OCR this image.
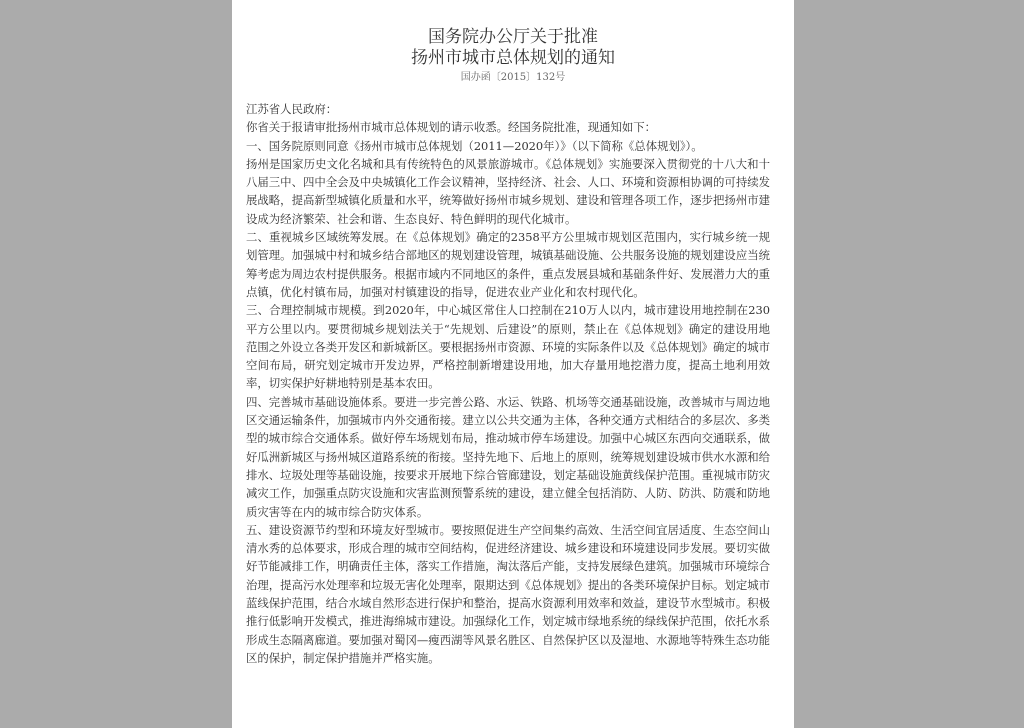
国务院办公厅关于批准

扬州市城市总体规划的通知

国办函〔2015〕132号

江苏省人民政府：

你省关于报请审批扬州市城市总体规划的请示收悉。经国务院批准，现通知如下：

一、国务院原则同意《扬州市城市总体规划（2011—2020年）》（以下简称《总体规划》）。

扬州是国家历史文化名城和具有传统特色的风景旅游城市。《总体规划》实施要深入贯彻党的十八大和十八届三中、四中全会及中央城镇化工作会议精神，坚持经济、社会、人口、环境和资源相协调的可持续发展战略，提高新型城镇化质量和水平，统筹做好扬州市城乡规划、建设和管理各项工作，逐步把扬州市建设成为经济繁荣、社会和谐、生态良好、特色鲜明的现代化城市。

二、重视城乡区域统筹发展。在《总体规划》确定的2358平方公里城市规划区范围内，实行城乡统一规划管理。加强城中村和城乡结合部地区的规划建设管理，城镇基础设施、公共服务设施的规划建设应当统筹考虑为周边农村提供服务。根据市域内不同地区的条件，重点发展县城和基础条件好、发展潜力大的重点镇，优化村镇布局，加强对村镇建设的指导，促进农业产业化和农村现代化。

三、合理控制城市规模。到2020年，中心城区常住人口控制在210万人以内，城市建设用地控制在230平方公里以内。要贯彻城乡规划法关于“先规划、后建设”的原则，禁止在《总体规划》确定的建设用地范围之外设立各类开发区和新城新区。要根据扬州市资源、环境的实际条件以及《总体规划》确定的城市空间布局，研究划定城市开发边界，严格控制新增建设用地，加大存量用地挖潜力度，提高土地利用效率，切实保护好耕地特别是基本农田。

四、完善城市基础设施体系。要进一步完善公路、水运、铁路、机场等交通基础设施，改善城市与周边地区交通运输条件，加强城市内外交通衔接。建立以公共交通为主体，各种交通方式相结合的多层次、多类型的城市综合交通体系。做好停车场规划布局，推动城市停车场建设。加强中心城区东西向交通联系，做好瓜洲新城区与扬州城区道路系统的衔接。坚持先地下、后地上的原则，统筹规划建设城市供水水源和给排水、垃圾处理等基础设施，按要求开展地下综合管廊建设，划定基础设施黄线保护范围。重视城市防灾减灾工作，加强重点防灾设施和灾害监测预警系统的建设，建立健全包括消防、人防、防洪、防震和防地质灾害等在内的城市综合防灾体系。

五、建设资源节约型和环境友好型城市。要按照促进生产空间集约高效、生活空间宜居适度、生态空间山清水秀的总体要求，形成合理的城市空间结构，促进经济建设、城乡建设和环境建设同步发展。要切实做好节能减排工作，明确责任主体，落实工作措施，淘汰落后产能，支持发展绿色建筑。加强城市环境综合治理，提高污水处理率和垃圾无害化处理率，限期达到《总体规划》提出的各类环境保护目标。划定城市蓝线保护范围，结合水域自然形态进行保护和整治，提高水资源利用效率和效益，建设节水型城市。积极推行低影响开发模式，推进海绵城市建设。加强绿化工作，划定城市绿地系统的绿线保护范围，依托水系形成生态隔离廊道。要加强对蜀冈—瘦西湖等风景名胜区、自然保护区以及湿地、水源地等特殊生态功能区的保护，制定保护措施并严格实施。
